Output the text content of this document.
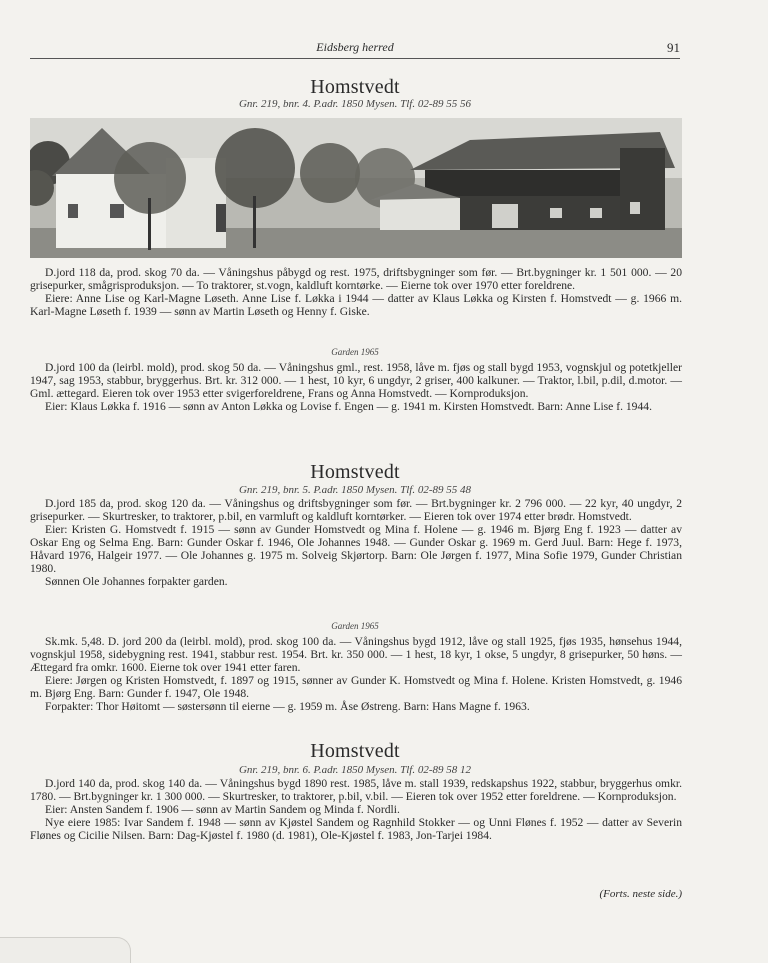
Eidsberg herred	91
Homstvedt
Gnr. 219, bnr. 4. P.adr. 1850 Mysen. Tlf. 02-89 55 56

D.jord 118 da, prod. skog 70 da. — Våningshus påbygd og rest. 1975, driftsbygninger som før. — Brt.bygninger kr. 1 501 000. — 20 grisepurker, smågrisproduksjon. — To traktorer, st.vogn, kaldluft korntørke. — Eierne tok over 1970 etter foreldrene.

Eiere: Anne Lise og Karl-Magne Løseth. Anne Lise f. Løkka i 1944 — datter av Klaus Løkka og Kirsten f. Homstvedt — g. 1966 m. Karl-Magne Løseth f. 1939 — sønn av Martin Løseth og Henny f. Giske.

Garden 1965

D.jord 100 da (leirbl. mold), prod. skog 50 da. — Våningshus gml., rest. 1958, låve m. fjøs og stall bygd 1953, vognskjul og potetkjeller 1947, sag 1953, stabbur, bryggerhus. Brt. kr. 312 000. — 1 hest, 10 kyr, 6 ungdyr, 2 griser, 400 kalkuner. — Traktor, l.bil, p.dil, d.motor. — Gml. ættegard. Eieren tok over 1953 etter svigerforeldrene, Frans og Anna Homstvedt. — Kornproduksjon.

Eier: Klaus Løkka f. 1916 — sønn av Anton Løkka og Lovise f. Engen — g. 1941 m. Kirsten Homstvedt. Barn: Anne Lise f. 1944.

Homstvedt
Gnr. 219, bnr. 5. P.adr. 1850 Mysen. Tlf. 02-89 55 48

D.jord 185 da, prod. skog 120 da. — Våningshus og driftsbygninger som før. — Brt.bygninger kr. 2 796 000. — 22 kyr, 40 ungdyr, 2 grisepurker. — Skurtresker, to traktorer, p.bil, en varmluft og kaldluft korntørker. — Eieren tok over 1974 etter brødr. Homstvedt.

Eier: Kristen G. Homstvedt f. 1915 — sønn av Gunder Homstvedt og Mina f. Holene — g. 1946 m. Bjørg Eng f. 1923 — datter av Oskar Eng og Selma Eng. Barn: Gunder Oskar f. 1946, Ole Johannes 1948. — Gunder Oskar g. 1969 m. Gerd Juul. Barn: Hege f. 1973, Håvard 1976, Halgeir 1977. — Ole Johannes g. 1975 m. Solveig Skjørtorp. Barn: Ole Jørgen f. 1977, Mina Sofie 1979, Gunder Christian 1980.

Sønnen Ole Johannes forpakter garden.

Garden 1965

Sk.mk. 5,48. D. jord 200 da (leirbl. mold), prod. skog 100 da. — Våningshus bygd 1912, låve og stall 1925, fjøs 1935, hønsehus 1944, vognskjul 1958, sidebygning rest. 1941, stabbur rest. 1954. Brt. kr. 350 000. — 1 hest, 18 kyr, 1 okse, 5 ungdyr, 8 grisepurker, 50 høns. — Ættegard fra omkr. 1600. Eierne tok over 1941 etter faren.

Eiere: Jørgen og Kristen Homstvedt, f. 1897 og 1915, sønner av Gunder K. Homstvedt og Mina f. Holene. Kristen Homstvedt, g. 1946 m. Bjørg Eng. Barn: Gunder f. 1947, Ole 1948.

Forpakter: Thor Høitomt — søstersønn til eierne — g. 1959 m. Åse Østreng. Barn: Hans Magne f. 1963.

Homstvedt
Gnr. 219, bnr. 6. P.adr. 1850 Mysen. Tlf. 02-89 58 12

D.jord 140 da, prod. skog 140 da. — Våningshus bygd 1890 rest. 1985, låve m. stall 1939, redskapshus 1922, stabbur, bryggerhus omkr. 1780. — Brt.bygninger kr. 1 300 000. — Skurtresker, to traktorer, p.bil, v.bil. — Eieren tok over 1952 etter foreldrene. — Kornproduksjon.

Eier: Ansten Sandem f. 1906 — sønn av Martin Sandem og Minda f. Nordli.

Nye eiere 1985: Ivar Sandem f. 1948 — sønn av Kjøstel Sandem og Ragnhild Stokker — og Unni Flønes f. 1952 — datter av Severin Flønes og Cicilie Nilsen. Barn: Dag-Kjøstel f. 1980 (d. 1981), Ole-Kjøstel f. 1983, Jon-Tarjei 1984.

(Forts. neste side.)
